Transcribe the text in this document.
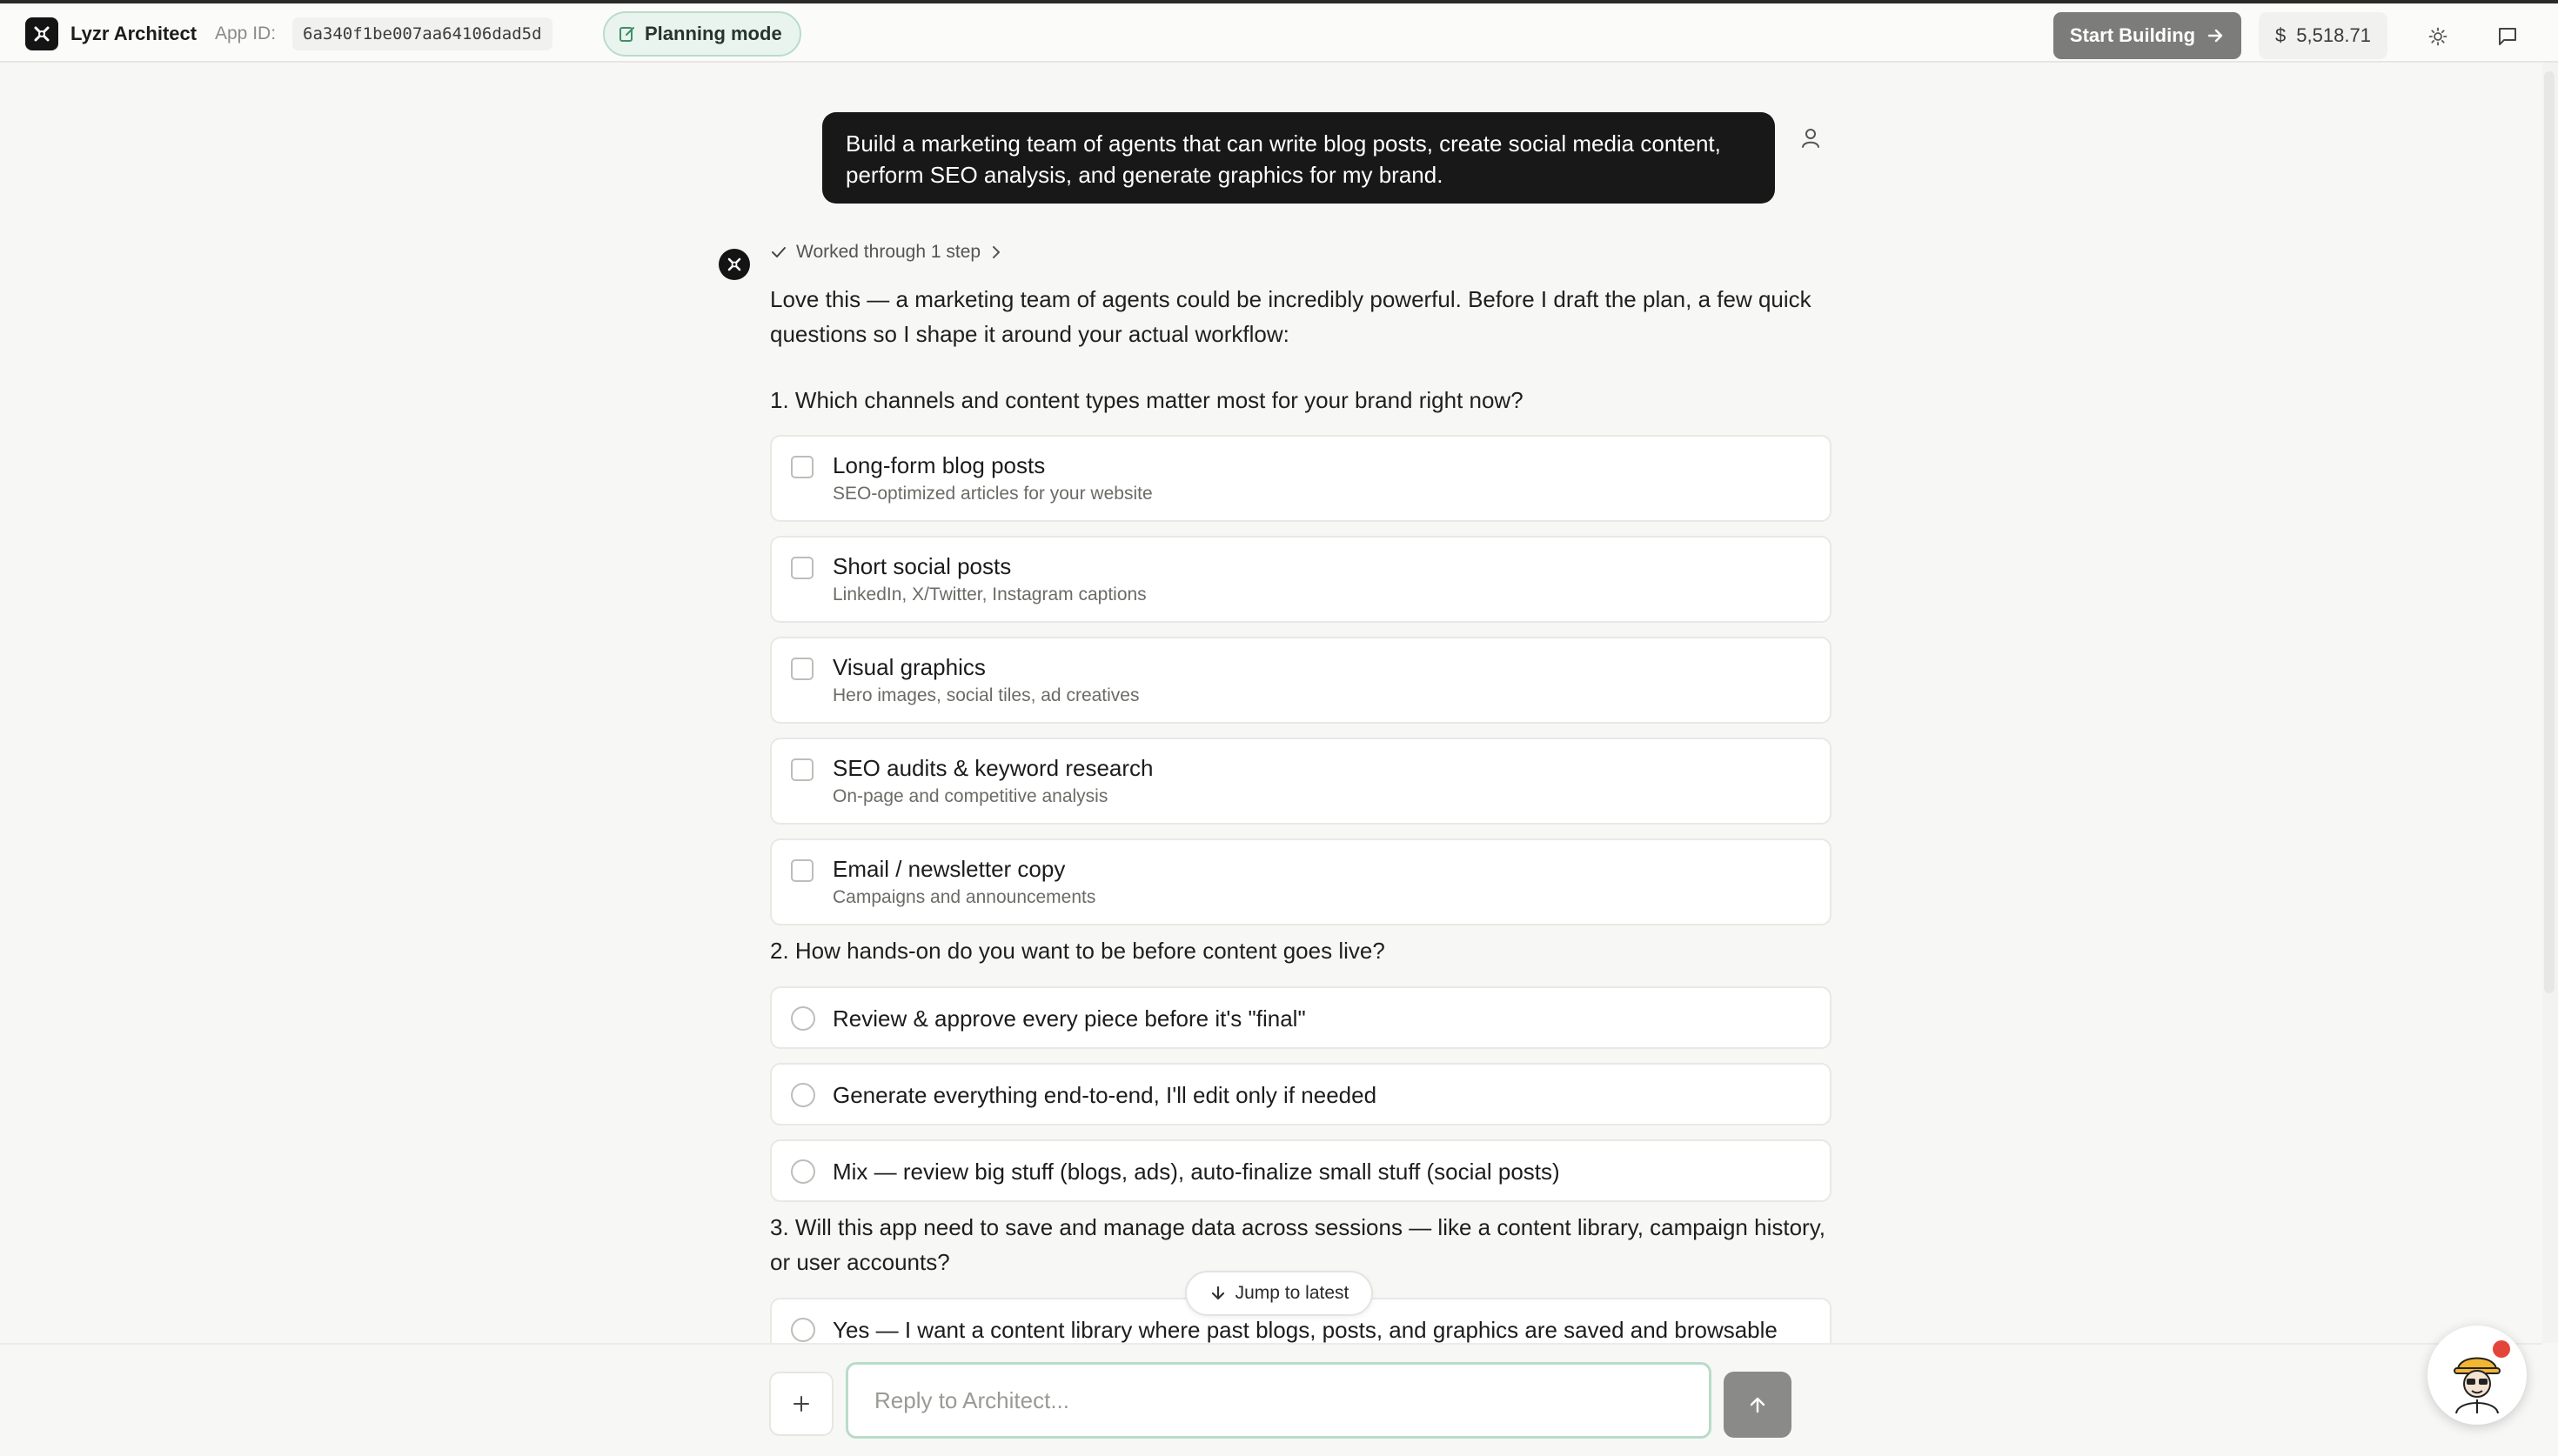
Lyzr Architect App ID:	6a340f1be007aa64106dad5d	Planning mode	Start Building	$ 5,518.71
Build a marketing team of agents that can write blog posts, create social media content, perform SEO analysis, and generate graphics for my brand.
Worked through 1 step
Love this — a marketing team of agents could be incredibly powerful. Before I draft the plan, a few quick questions so I shape it around your actual workflow:
1. Which channels and content types matter most for your brand right now?
Long-form blog posts
SEO-optimized articles for your website
Short social posts
LinkedIn, X/Twitter, Instagram captions
Visual graphics
Hero images, social tiles, ad creatives
SEO audits & keyword research
On-page and competitive analysis
Email / newsletter copy
Campaigns and announcements
2. How hands-on do you want to be before content goes live?
Review & approve every piece before it's "final"
Generate everything end-to-end, I'll edit only if needed
Mix — review big stuff (blogs, ads), auto-finalize small stuff (social posts)
3. Will this app need to save and manage data across sessions — like a content library, campaign history, or user accounts?
Yes — I want a content library where past blogs, posts, and graphics are saved and browsable
Jump to latest
Reply to Architect...
